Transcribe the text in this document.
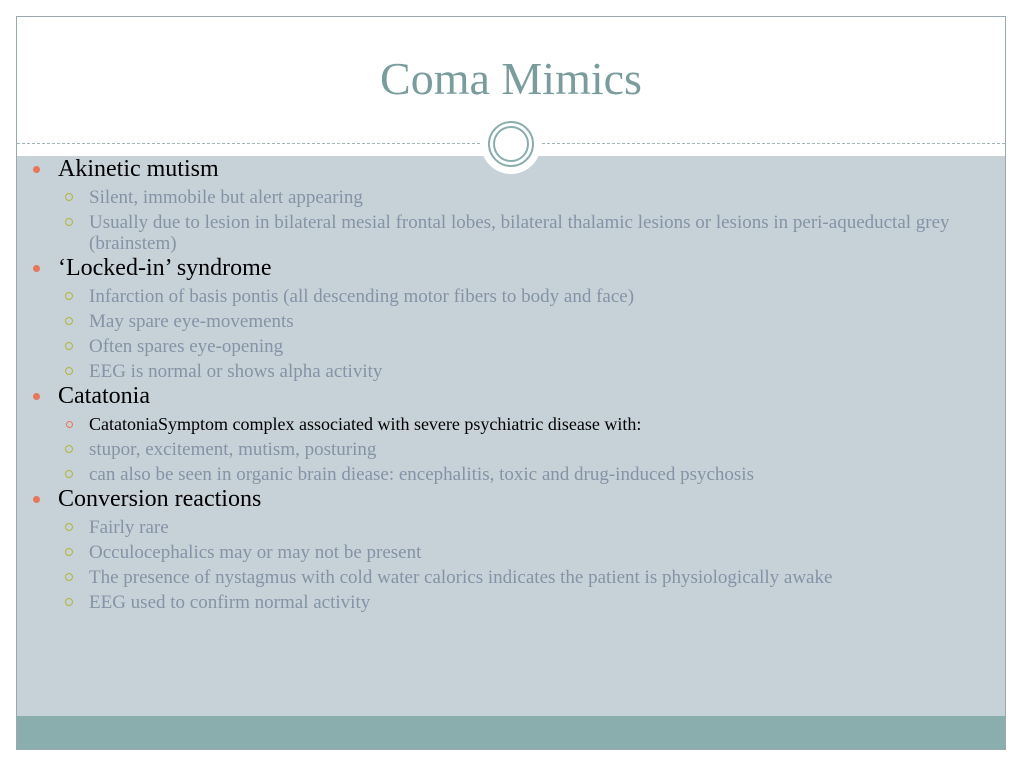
Coma Mimics
Akinetic mutism
Silent, immobile but alert appearing
Usually due to lesion in bilateral mesial frontal lobes, bilateral thalamic lesions or lesions in peri-aqueductal grey (brainstem)
‘Locked-in’ syndrome
Infarction of basis pontis (all descending motor fibers to body and face)
May spare eye-movements
Often spares eye-opening
EEG is normal or shows alpha activity
Catatonia
CatatoniaSymptom complex associated with severe psychiatric disease with:
stupor, excitement, mutism, posturing
can also be seen in organic brain diease: encephalitis, toxic and drug-induced psychosis
Conversion reactions
Fairly rare
Occulocephalics may or may not be present
The presence of nystagmus with cold water calorics indicates the patient is physiologically awake
EEG used to confirm normal activity
